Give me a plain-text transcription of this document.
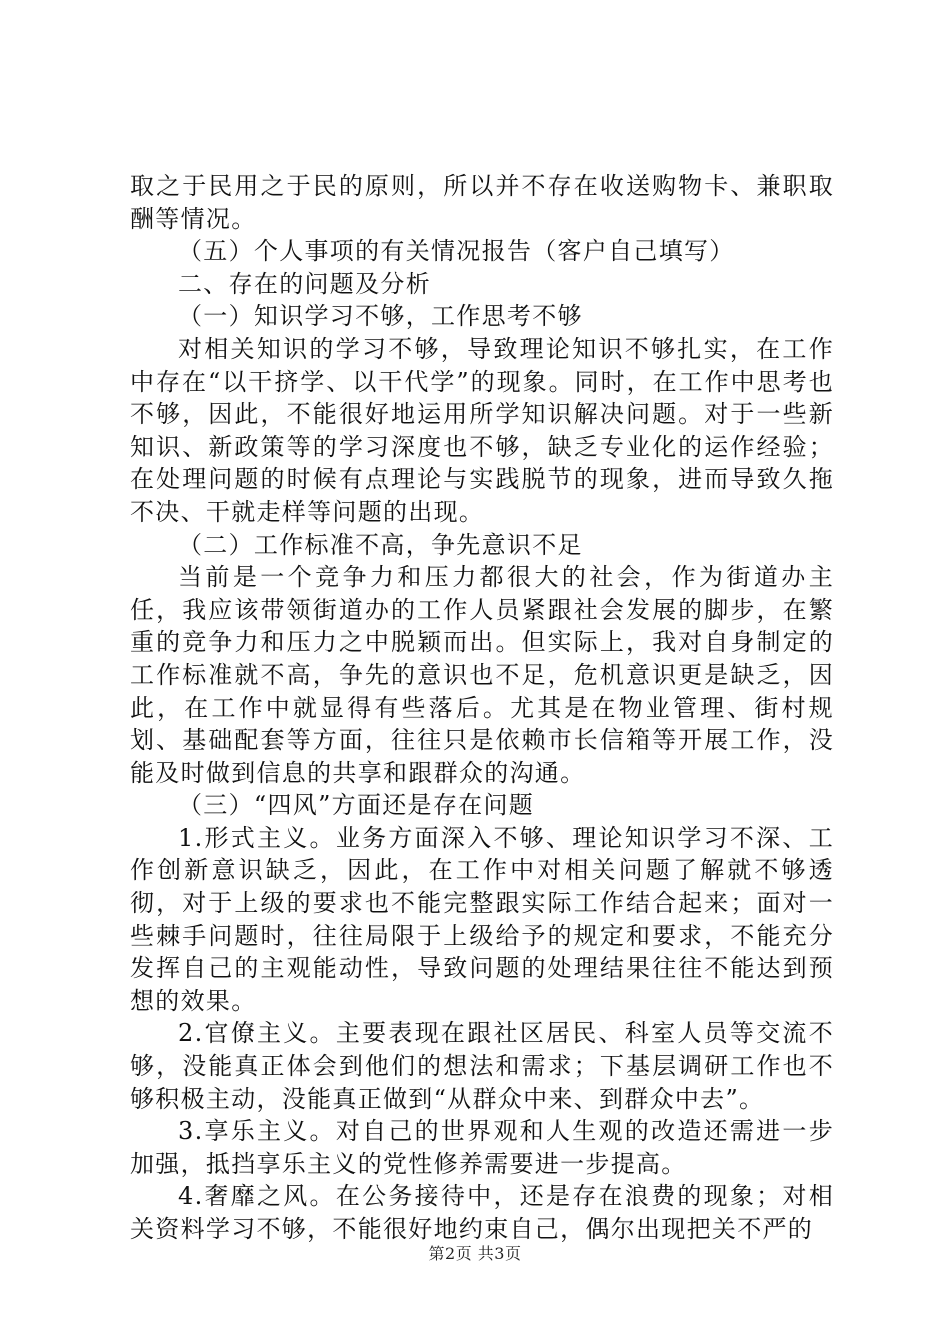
取之于民用之于民的原则，所以并不存在收送购物卡、兼职取酬等情况。

（五）个人事项的有关情况报告（客户自己填写）

二、存在的问题及分析

（一）知识学习不够，工作思考不够

对相关知识的学习不够，导致理论知识不够扎实，在工作中存在“以干挤学、以干代学”的现象。同时，在工作中思考也不够，因此，不能很好地运用所学知识解决问题。对于一些新知识、新政策等的学习深度也不够，缺乏专业化的运作经验；在处理问题的时候有点理论与实践脱节的现象，进而导致久拖不决、干就走样等问题的出现。

（二）工作标准不高，争先意识不足

当前是一个竞争力和压力都很大的社会，作为街道办主任，我应该带领街道办的工作人员紧跟社会发展的脚步，在繁重的竞争力和压力之中脱颖而出。但实际上，我对自身制定的工作标准就不高，争先的意识也不足，危机意识更是缺乏，因此，在工作中就显得有些落后。尤其是在物业管理、街村规划、基础配套等方面，往往只是依赖市长信箱等开展工作，没能及时做到信息的共享和跟群众的沟通。

（三）“四风”方面还是存在问题

1.形式主义。业务方面深入不够、理论知识学习不深、工作创新意识缺乏，因此，在工作中对相关问题了解就不够透彻，对于上级的要求也不能完整跟实际工作结合起来；面对一些棘手问题时，往往局限于上级给予的规定和要求，不能充分发挥自己的主观能动性，导致问题的处理结果往往不能达到预想的效果。

2.官僚主义。主要表现在跟社区居民、科室人员等交流不够，没能真正体会到他们的想法和需求；下基层调研工作也不够积极主动，没能真正做到“从群众中来、到群众中去”。

3.享乐主义。对自己的世界观和人生观的改造还需进一步加强，抵挡享乐主义的党性修养需要进一步提高。

4.奢靡之风。在公务接待中，还是存在浪费的现象；对相关资料学习不够，不能很好地约束自己，偶尔出现把关不严的

第2页 共3页
